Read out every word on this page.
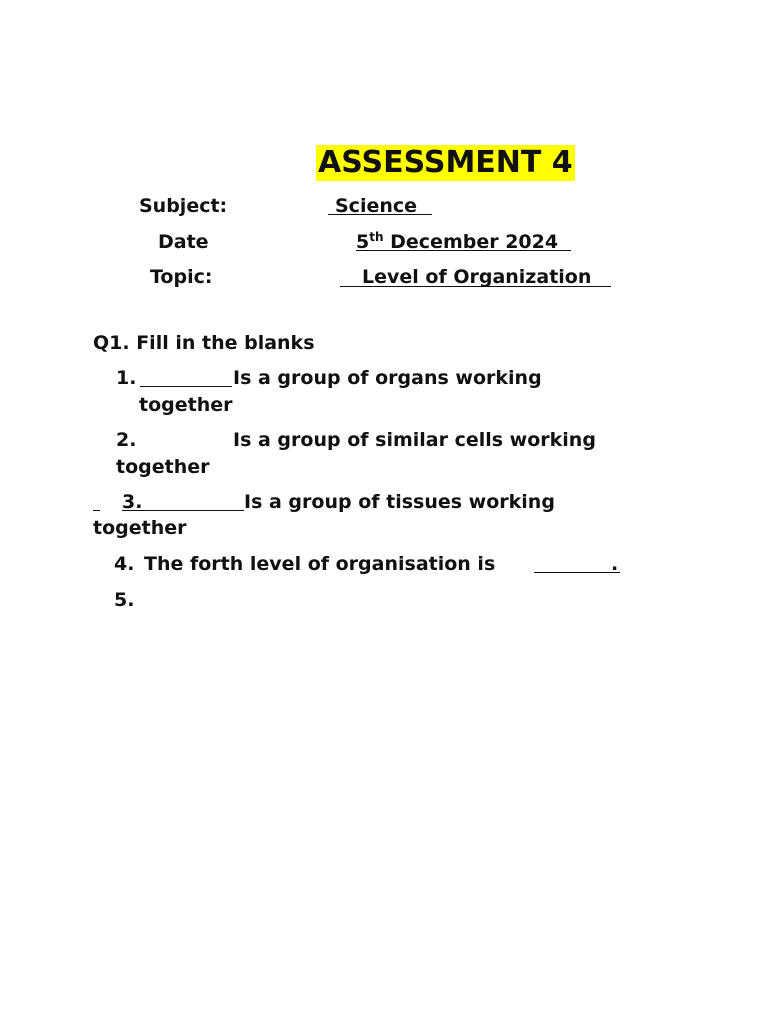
ASSESSMENT 4
Subject:	Science
Date	5th December 2024
Topic:	Level of Organization
Q1. Fill in the blanks
1.	Is a group of organs working
together
2.	Is a group of similar cells working
together
3.	Is a group of tissues working
together
4. The forth level of organisation is	.
5.
